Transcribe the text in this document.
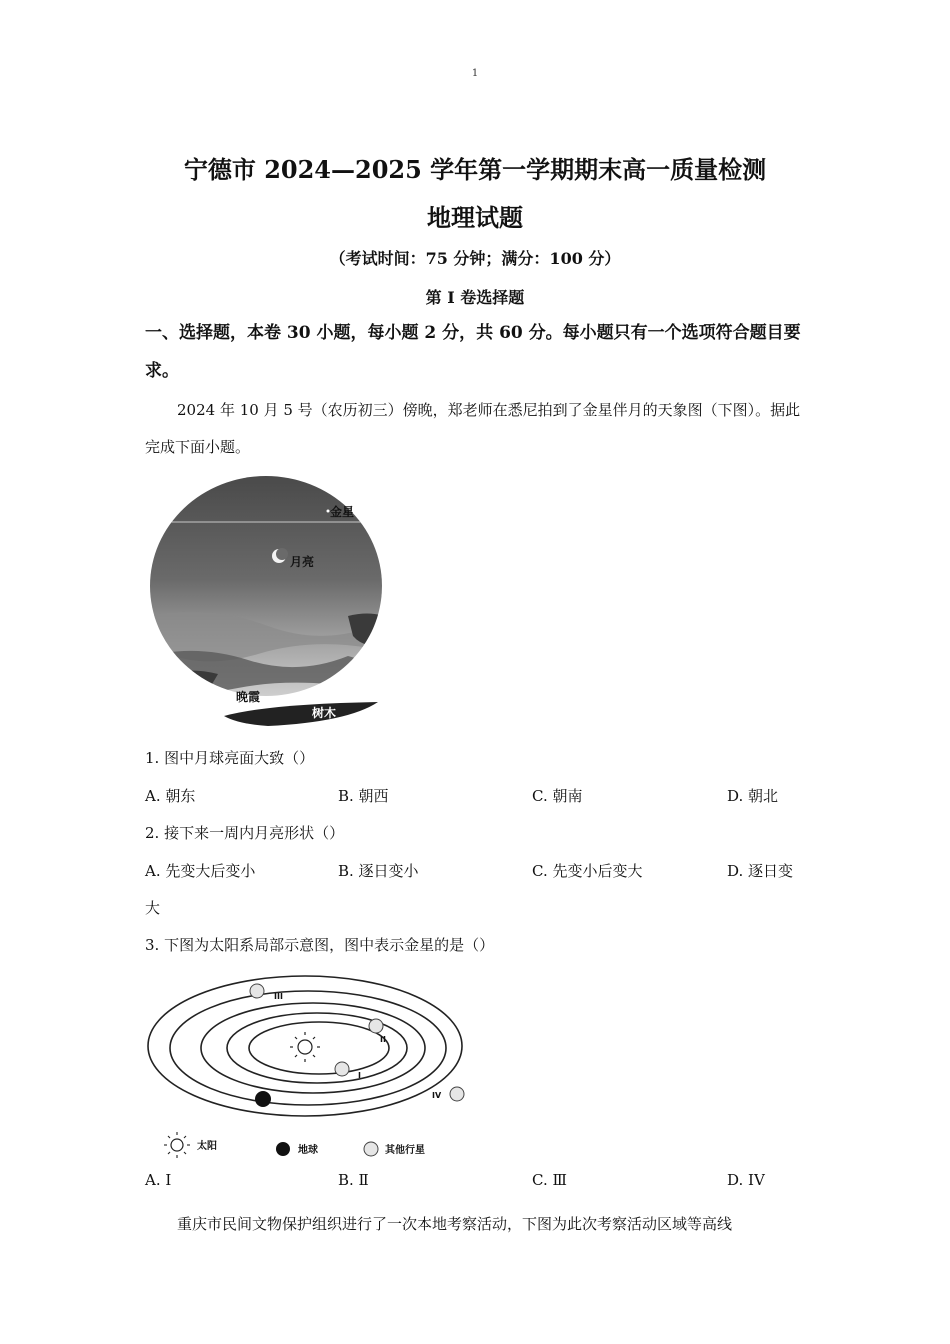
1
宁德市 2024—2025 学年第一学期期末高一质量检测
地理试题
（考试时间：75 分钟；满分：100 分）
第 I 卷选择题
一、选择题，本卷 30 小题，每小题 2 分，共 60 分。每小题只有一个选项符合题目要求。
2024 年 10 月 5 号（农历初三）傍晚，郑老师在悉尼拍到了金星伴月的天象图（下图）。据此完成下面小题。
金星
月亮
晚霞
树木
1. 图中月球亮面大致（）
A. 朝东	B. 朝西	C. 朝南	D. 朝北
2. 接下来一周内月亮形状（）
A. 先变大后变小	B. 逐日变小	C. 先变小后变大	D. 逐日变
大
3. 下图为太阳系局部示意图，图中表示金星的是（）
I
II
III
IV
太阳	地球	其他行星
A. I	B. Ⅱ	C. Ⅲ	D. IV
重庆市民间文物保护组织进行了一次本地考察活动，下图为此次考察活动区域等高线
